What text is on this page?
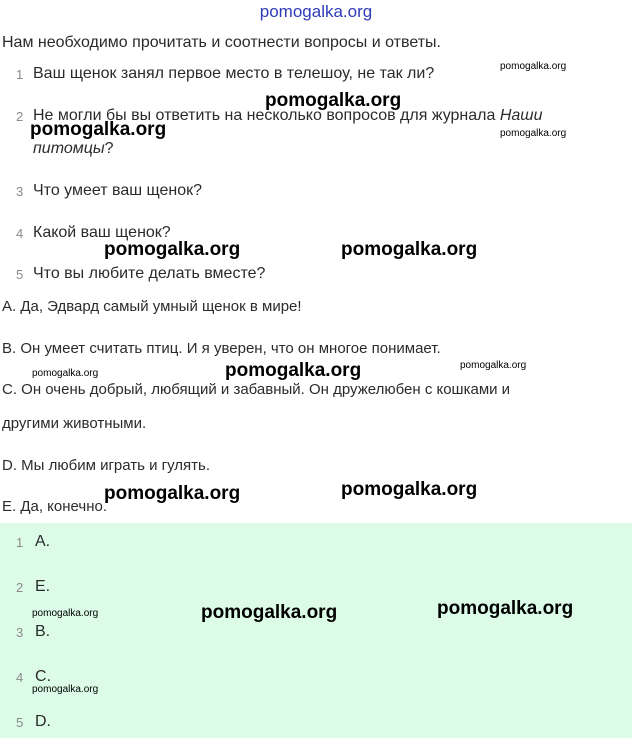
pomogalka.org
Нам необходимо прочитать и соотнести вопросы и ответы.
1 Ваш щенок занял первое место в телешоу, не так ли?
2 Не могли бы вы ответить на несколько вопросов для журнала Наши
питомцы?
3 Что умеет ваш щенок?
4 Какой ваш щенок?
5 Что вы любите делать вместе?
A. Да, Эдвард самый умный щенок в мире!
B. Он умеет считать птиц. И я уверен, что он многое понимает.
C. Он очень добрый, любящий и забавный. Он дружелюбен с кошками и
другими животными.
D. Мы любим играть и гулять.
E. Да, конечно.
1 A.
2 E.
3 B.
4 C.
5 D.
pomogalka.org
pomogalka.org
pomogalka.org	pomogalka.org
pomogalka.org	pomogalka.org
pomogalka.org
pomogalka.org	pomogalka.org
pomogalka.org	pomogalka.org
pomogalka.org	pomogalka.org	pomogalka.org
pomogalka.org
